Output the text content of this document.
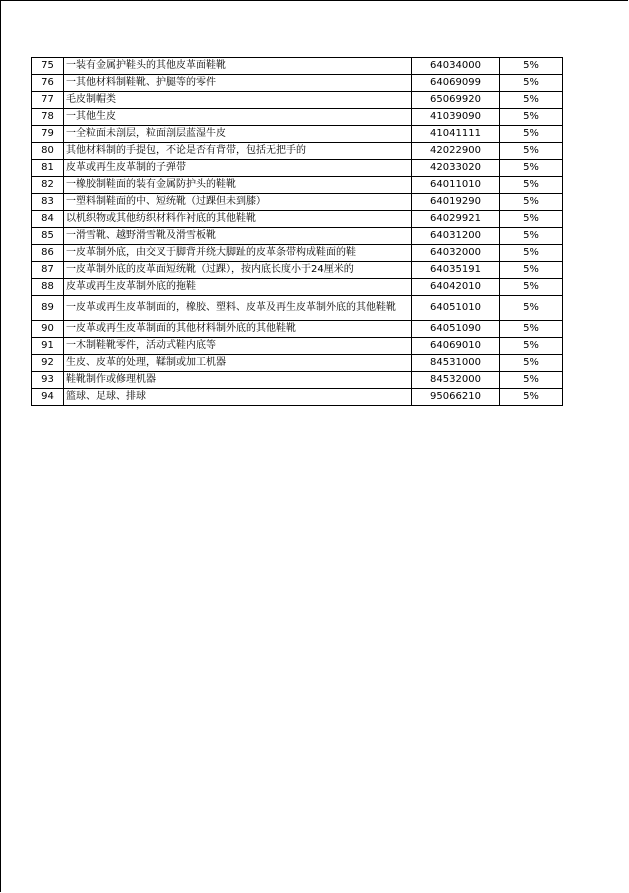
75	一装有金属护鞋头的其他皮革面鞋靴	64034000	5%
76	一其他材料制鞋靴、护腿等的零件	64069099	5%
77	毛皮制帽类	65069920	5%
78	一其他生皮	41039090	5%
79	一全粒面未剖层，粒面剖层蓝湿牛皮	41041111	5%
80	其他材料制的手提包，不论是否有背带，包括无把手的	42022900	5%
81	皮革或再生皮革制的子弹带	42033020	5%
82	一橡胶制鞋面的装有金属防护头的鞋靴	64011010	5%
83	一塑料制鞋面的中、短统靴（过踝但未到膝）	64019290	5%
84	以机织物或其他纺织材料作衬底的其他鞋靴	64029921	5%
85	一滑雪靴、越野滑雪靴及滑雪板靴	64031200	5%
86	一皮革制外底，由交叉于脚背并绕大脚趾的皮革条带构成鞋面的鞋	64032000	5%
87	一皮革制外底的皮革面短统靴（过踝），按内底长度小于24厘米的	64035191	5%
88	皮革或再生皮革制外底的拖鞋	64042010	5%
89	一皮革或再生皮革制面的，橡胶、塑料、皮革及再生皮革制外底的其他鞋靴	64051010	5%
90	一皮革或再生皮革制面的其他材料制外底的其他鞋靴	64051090	5%
91	一木制鞋靴零件，活动式鞋内底等	64069010	5%
92	生皮、皮革的处理，鞣制或加工机器	84531000	5%
93	鞋靴制作或修理机器	84532000	5%
94	篮球、足球、排球	95066210	5%
